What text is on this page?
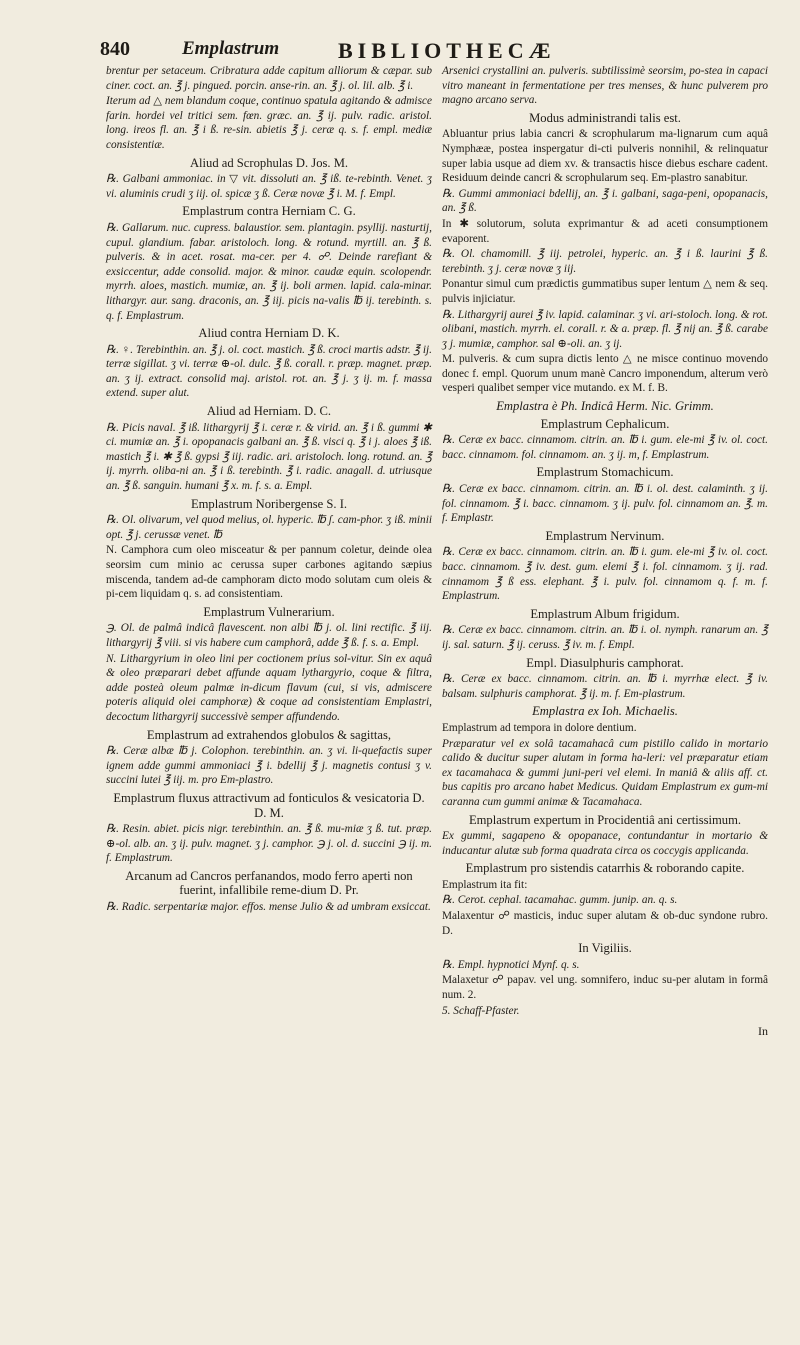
840	Emplastrum	BIBLIOTHECÆ

brentur per setaceum. Cribratura adde capitum alliorum & cæpar. sub ciner. coct. an. ℥ j. pingued. porcin. anse-rin. an. ℥ j. ol. lil. alb. ℥ i.

Iterum ad △ nem blandum coque, continuo spatula agitando & admisce farin. hordei vel tritici sem. fœn. græc. an. ℥ ij. pulv. radic. aristol. long. ireos fl. an. ℥ i ß. re-sin. abietis ℥ j. ceræ q. s. f. empl. mediæ consistentiæ.

Aliud ad Scrophulas D. Jos. M.

℞. Galbani ammoniac. in ▽ vit. dissoluti an. ℥ iß. te-rebinth. Venet. ʒ vi. aluminis crudi ʒ iij. ol. spicæ ʒ ß. Ceræ novæ ℥ i. M. f. Empl.

Emplastrum contra Herniam C. G.

℞. Gallarum. nuc. cupress. balaustior. sem. plantagin. psyllij. nasturtij, cupul. glandium. fabar. aristoloch. long. & rotund. myrtill. an. ℥ ß. pulveris. & in acet. rosat. ma-cer. per 4. ☍. Deinde rarefiant & exsiccentur, adde consolid. major. & minor. caudæ equin. scolopendr. myrrh. aloes, mastich. mumiæ, an. ℥ ij. boli armen. lapid. cala-minar. lithargyr. aur. sang. draconis, an. ℥ iij. picis na-valis ℔ ij. terebinth. s. q. f. Emplastrum.

Aliud contra Herniam D. K.

℞. ♀. Terebinthin. an. ℥ j. ol. coct. mastich. ℥ ß. croci martis adstr. ℥ ij. terræ sigillat. ʒ vi. terræ ⊕-ol. dulc. ℥ ß. corall. r. præp. magnet. præp. an. ʒ ij. extract. consolid maj. aristol. rot. an. ℥ j. ʒ ij. m. f. massa extend. super alut.

Aliud ad Herniam. D. C.

℞. Picis naval. ℥ iß. lithargyrij ℥ i. ceræ r. & virid. an. ℥ i ß. gummi ✱ ci. mumiæ an. ℥ i. opopanacis galbani an. ℥ ß. visci q. ℥ i j. aloes ℥ iß. mastich ℥ i. ✱ ℥ ß. gypsi ℥ iij. radic. ari. aristoloch. long. rotund. an. ℥ ij. myrrh. oliba-ni an. ℥ i ß. terebinth. ℥ i. radic. anagall. d. utriusque an. ℥ ß. sanguin. humani ℥ x. m. f. s. a. Empl.

Emplastrum Noribergense S. I.

℞. Ol. olivarum, vel quod melius, ol. hyperic. ℔ ʃ. cam-phor. ʒ iß. minii opt. ℥ j. cerussæ venet. ℔

N. Camphora cum oleo misceatur & per pannum coletur, deinde olea seorsim cum minio ac cerussa super carbones agitando sæpius miscenda, tandem ad-de camphoram dicto modo solutam cum oleis & pi-cem liquidam q. s. ad consistentiam.

Emplastrum Vulnerarium.

℈. Ol. de palmâ indicâ flavescent. non albi ℔ j. ol. lini rectific. ℥ iij. lithargyrij ℥ viii. si vis habere cum camphorâ, adde ℥ ß. f. s. a. Empl.

N. Lithargyrium in oleo lini per coctionem prius sol-vitur. Sin ex aquâ & oleo præparari debet affunde aquam lythargyrio, coque & filtra, adde posteà oleum palmæ in-dicum flavum (cui, si vis, admiscere poteris aliquid olei camphoræ) & coque ad consistentiam Emplastri, decoctum lithargyrij successivè semper affundendo.

Emplastrum ad extrahendos globulos & sagittas,

℞. Ceræ albæ ℔ j. Colophon. terebinthin. an. ʒ vi. li-quefactis super ignem adde gummi ammoniaci ℥ i. bdellij ℥ j. magnetis contusi ʒ v. succini lutei ℥ iij. m. pro Em-plastro.

Emplastrum fluxus attractivum ad fonticulos & vesicatoria D. D. M.

℞. Resin. abiet. picis nigr. terebinthin. an. ℥ ß. mu-miæ ʒ ß. tut. præp. ⊕-ol. alb. an. ʒ ij. pulv. magnet. ʒ j. camphor. ℈ j. ol. d. succini ℈ ij. m. f. Emplastrum.

Arcanum ad Cancros perfanandos, modo ferro aperti non fuerint, infallibile reme-dium D. Pr.

℞. Radic. serpentariæ major. effos. mense Julio & ad umbram exsiccat.

Arsenici crystallini an. pulveris. subtilissimè seorsim, po-stea in capaci vitro maneant in fermentatione per tres menses, & hunc pulverem pro magno arcano serva.

Modus administrandi talis est.

Abluantur prius labia cancri & scrophularum ma-lignarum cum aquâ Nymphææ, postea inspergatur di-cti pulveris nonnihil, & relinquatur super labia usque ad diem xv. & transactis hisce diebus eschare cadent. Residuum deinde cancri & scrophularum seq. Em-plastro sanabitur.

℞. Gummi ammoniaci bdellij, an. ℥ i. galbani, saga-peni, opopanacis, an. ℥ ß.

In ✱ solutorum, soluta exprimantur & ad aceti consumptionem evaporent.

℞. Ol. chamomill. ℥ iij. petrolei, hyperic. an. ℥ i ß. laurini ℥ ß. terebinth. ʒ j. ceræ novæ ʒ iij.

Ponantur simul cum prædictis gummatibus super lentum △ nem & seq. pulvis injiciatur.

℞. Lithargyrij aurei ℥ iv. lapid. calaminar. ʒ vi. ari-stoloch. long. & rot. olibani, mastich. myrrh. el. corall. r. & a. præp. fl. ℥ nij an. ℥ ß. carabe ʒ j. mumiæ, camphor. sal ⊕-oli. an. ʒ ij.

M. pulveris. & cum supra dictis lento △ ne misce continuo movendo donec f. empl. Quorum unum manè Cancro imponendum, alterum verò vesperi qualibet semper vice mutando. ex M. f. B.

Emplastra è Ph. Indicâ Herm. Nic. Grimm.

Emplastrum Cephalicum.

℞. Ceræ ex bacc. cinnamom. citrin. an. ℔ i. gum. ele-mi ℥ iv. ol. coct. bacc. cinnamom. fol. cinnamom. an. ʒ ij. m, f. Emplastrum.

Emplastrum Stomachicum.

℞. Ceræ ex bacc. cinnamom. citrin. an. ℔ i. ol. dest. calaminth. ʒ ij. fol. cinnamom. ℥ i. bacc. cinnamom. ʒ ij. pulv. fol. cinnamom an. ℥. m. f. Emplastr.

Emplastrum Nervinum.

℞. Ceræ ex bacc. cinnamom. citrin. an. ℔ i. gum. ele-mi ℥ iv. ol. coct. bacc. cinnamom. ℥ iv. dest. gum. elemi ℥ i. fol. cinnamom. ʒ ij. rad. cinnamom ℥ ß ess. elephant. ℥ i. pulv. fol. cinnamom q. f. m. f. Emplastrum.

Emplastrum Album frigidum.

℞. Ceræ ex bacc. cinnamom. citrin. an. ℔ i. ol. nymph. ranarum an. ℥ ij. sal. saturn. ℥ ij. ceruss. ℥ iv. m. f. Empl.

Empl. Diasulphuris camphorat.

℞. Ceræ ex bacc. cinnamom. citrin. an. ℔ i. myrrhæ elect. ℥ iv. balsam. sulphuris camphorat. ℥ ij. m. f. Em-plastrum.

Emplastra ex Ioh. Michaelis.

Emplastrum ad tempora in dolore dentium.

Præparatur vel ex solâ tacamahacâ cum pistillo calido in mortario calido & ducitur super alutam in forma ha-leri: vel præparatur etiam ex tacamahaca & gummi juni-peri vel elemi. In maniâ & aliis aff. ct. bus capitis pro arcano habet Medicus. Quidam Emplastrum ex gum-mi caranna cum gummi animæ & Tacamahaca.

Emplastrum expertum in Procidentiâ ani certissimum.

Ex gummi, sagapeno & opopanace, contundantur in mortario & inducantur alutæ sub forma quadrata circa os coccygis applicanda.

Emplastrum pro sistendis catarrhis & roborando capite.

Emplastrum ita fit:

℞. Cerot. cephal. tacamahac. gumm. junip. an. q. s.

Malaxentur ☍ masticis, induc super alutam & ob-duc syndone rubro. D.

In Vigiliis.

℞. Empl. hypnotici Mynf. q. s.

Malaxetur ☍ papav. vel ung. somnifero, induc su-per alutam in formâ num. 2.

5. Schaff-Pfaster.

In
